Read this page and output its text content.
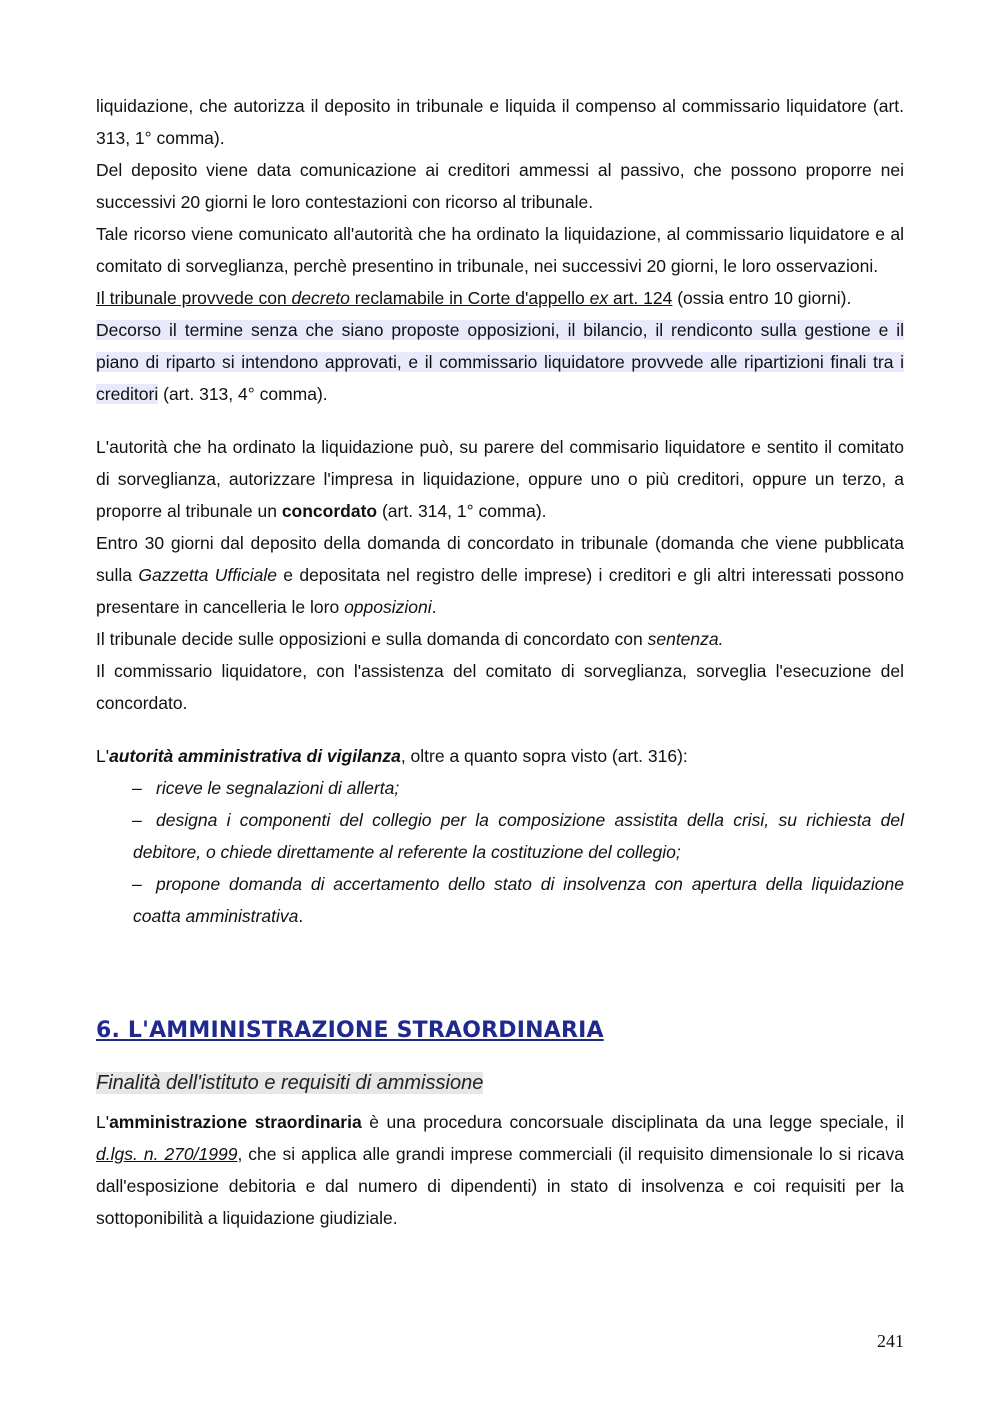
liquidazione, che autorizza il deposito in tribunale e liquida il compenso al commissario liquidatore (art. 313, 1° comma).

Del deposito viene data comunicazione ai creditori ammessi al passivo, che possono proporre nei successivi 20 giorni le loro contestazioni con ricorso al tribunale.

Tale ricorso viene comunicato all'autorità che ha ordinato la liquidazione, al commissario liquidatore e al comitato di sorveglianza, perchè presentino in tribunale, nei successivi 20 giorni, le loro osservazioni.

Il tribunale provvede con decreto reclamabile in Corte d'appello ex art. 124 (ossia entro 10 giorni).

Decorso il termine senza che siano proposte opposizioni, il bilancio, il rendiconto sulla gestione e il piano di riparto si intendono approvati, e il commissario liquidatore provvede alle ripartizioni finali tra i creditori (art. 313, 4° comma).

L'autorità che ha ordinato la liquidazione può, su parere del commisario liquidatore e sentito il comitato di sorveglianza, autorizzare l'impresa in liquidazione, oppure uno o più creditori, oppure un terzo, a proporre al tribunale un concordato (art. 314, 1° comma).

Entro 30 giorni dal deposito della domanda di concordato in tribunale (domanda che viene pubblicata sulla Gazzetta Ufficiale e depositata nel registro delle imprese) i creditori e gli altri interessati possono presentare in cancelleria le loro opposizioni.

Il tribunale decide sulle opposizioni e sulla domanda di concordato con sentenza.

Il commissario liquidatore, con l'assistenza del comitato di sorveglianza, sorveglia l'esecuzione del concordato.

L'autorità amministrativa di vigilanza, oltre a quanto sopra visto (art. 316):

– riceve le segnalazioni di allerta;
– designa i componenti del collegio per la composizione assistita della crisi, su richiesta del debitore, o chiede direttamente al referente la costituzione del collegio;
– propone domanda di accertamento dello stato di insolvenza con apertura della liquidazione coatta amministrativa.
6. L'AMMINISTRAZIONE STRAORDINARIA
Finalità dell'istituto e requisiti di ammissione

L'amministrazione straordinaria è una procedura concorsuale disciplinata da una legge speciale, il d.lgs. n. 270/1999, che si applica alle grandi imprese commerciali (il requisito dimensionale lo si ricava dall'esposizione debitoria e dal numero di dipendenti) in stato di insolvenza e coi requisiti per la sottoponibilità a liquidazione giudiziale.

241
